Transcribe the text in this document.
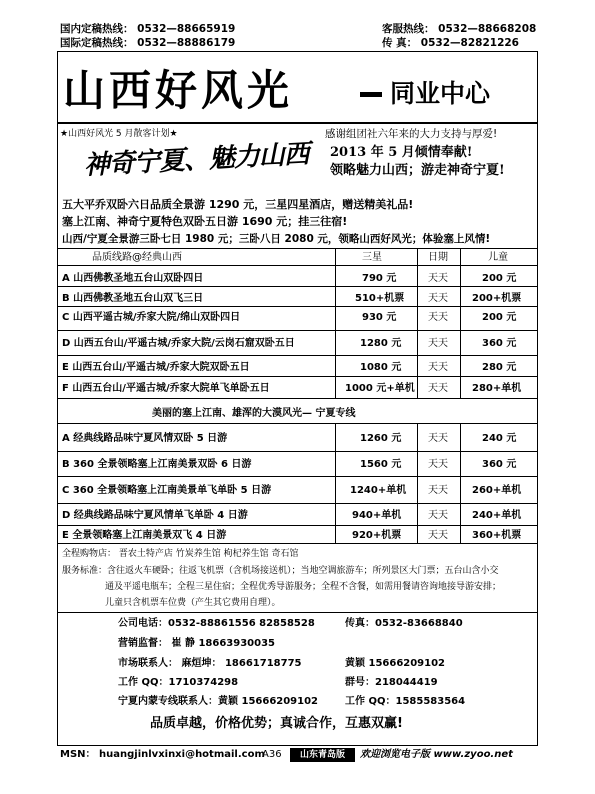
国内定稿热线： 0532—88665919
国际定稿热线： 0532—88886179
客服热线： 0532—88668208
传 真： 0532—82821226
山西好风光	同业中心
★山西好风光 5 月散客计划★	感谢组团社六年来的大力支持与厚爱!
神奇宁夏、魅力山西 2013 年 5 月倾情奉献!
领略魅力山西；游走神奇宁夏!
五大平乔双卧六日品质全景游 1290 元，三星四星酒店，赠送精美礼品!
塞上江南、神奇宁夏特色双卧五日游 1690 元；挂三往宿!
山西/宁夏全景游三卧七日 1980 元；三卧八日 2080 元，领略山西好风光；体验塞上风情!
品质线路@经典山西	三星	日期	儿童
A 山西佛教圣地五台山双卧四日	790 元	天天	200 元
B 山西佛教圣地五台山双飞三日	510+机票 天天 200+机票
C 山西平遥古城/乔家大院/绵山双卧四日	930 元	天天	200 元
D 山西五台山/平遥古城/乔家大院/云岗石窟双卧五日	1280 元	天天	360 元
E 山西五台山/平遥古城/乔家大院双卧五日	1080 元	天天	280 元
F 山西五台山/平遥古城/乔家大院单飞单卧五日	1000 元+单机 天天 280+单机
美丽的塞上江南、雄浑的大漠风光— 宁夏专线
A 经典线路品味宁夏风情双卧 5 日游	1260 元	天天	240 元
B 360 全景领略塞上江南美景双卧 6 日游	1560 元	天天	360 元
C 360 全景领略塞上江南美景单飞单卧 5 日游	1240+单机 天天 260+单机
D 经典线路品味宁夏风情单飞单卧 4 日游	940+单机	天天 240+单机
E 全景领略塞上江南美景双飞 4 日游	920+机票	天天 360+机票
全程购物店： 晋农土特产店 竹炭养生馆 枸杞养生馆 奇石馆
服务标准：含往返火车硬卧；往返飞机票（含机场接送机）；当地空调旅游车；所列景区大门票；五台山含小交
通及平遥电瓶车；全程三星住宿；全程优秀导游服务；全程不含餐，如需用餐请咨询地接导游安排；
儿童只含机票车位费（产生其它费用自理）。
公司电话：0532-88861556 82858528	传真：0532-83668840
营销监督： 崔 静 18663930035
市场联系人： 麻烜坤： 18661718775	黄颖 15666209102
工作 QQ：1710374298	群号：218044419
宁夏内蒙专线联系人：黄颖 15666209102	工作 QQ：1585583564
品质卓越，价格优势；真诚合作，互惠双赢!
MSN： huangjinlvxinxi@hotmail.com
A36	山东青岛版	欢迎浏览电子版 www.zyoo.net
